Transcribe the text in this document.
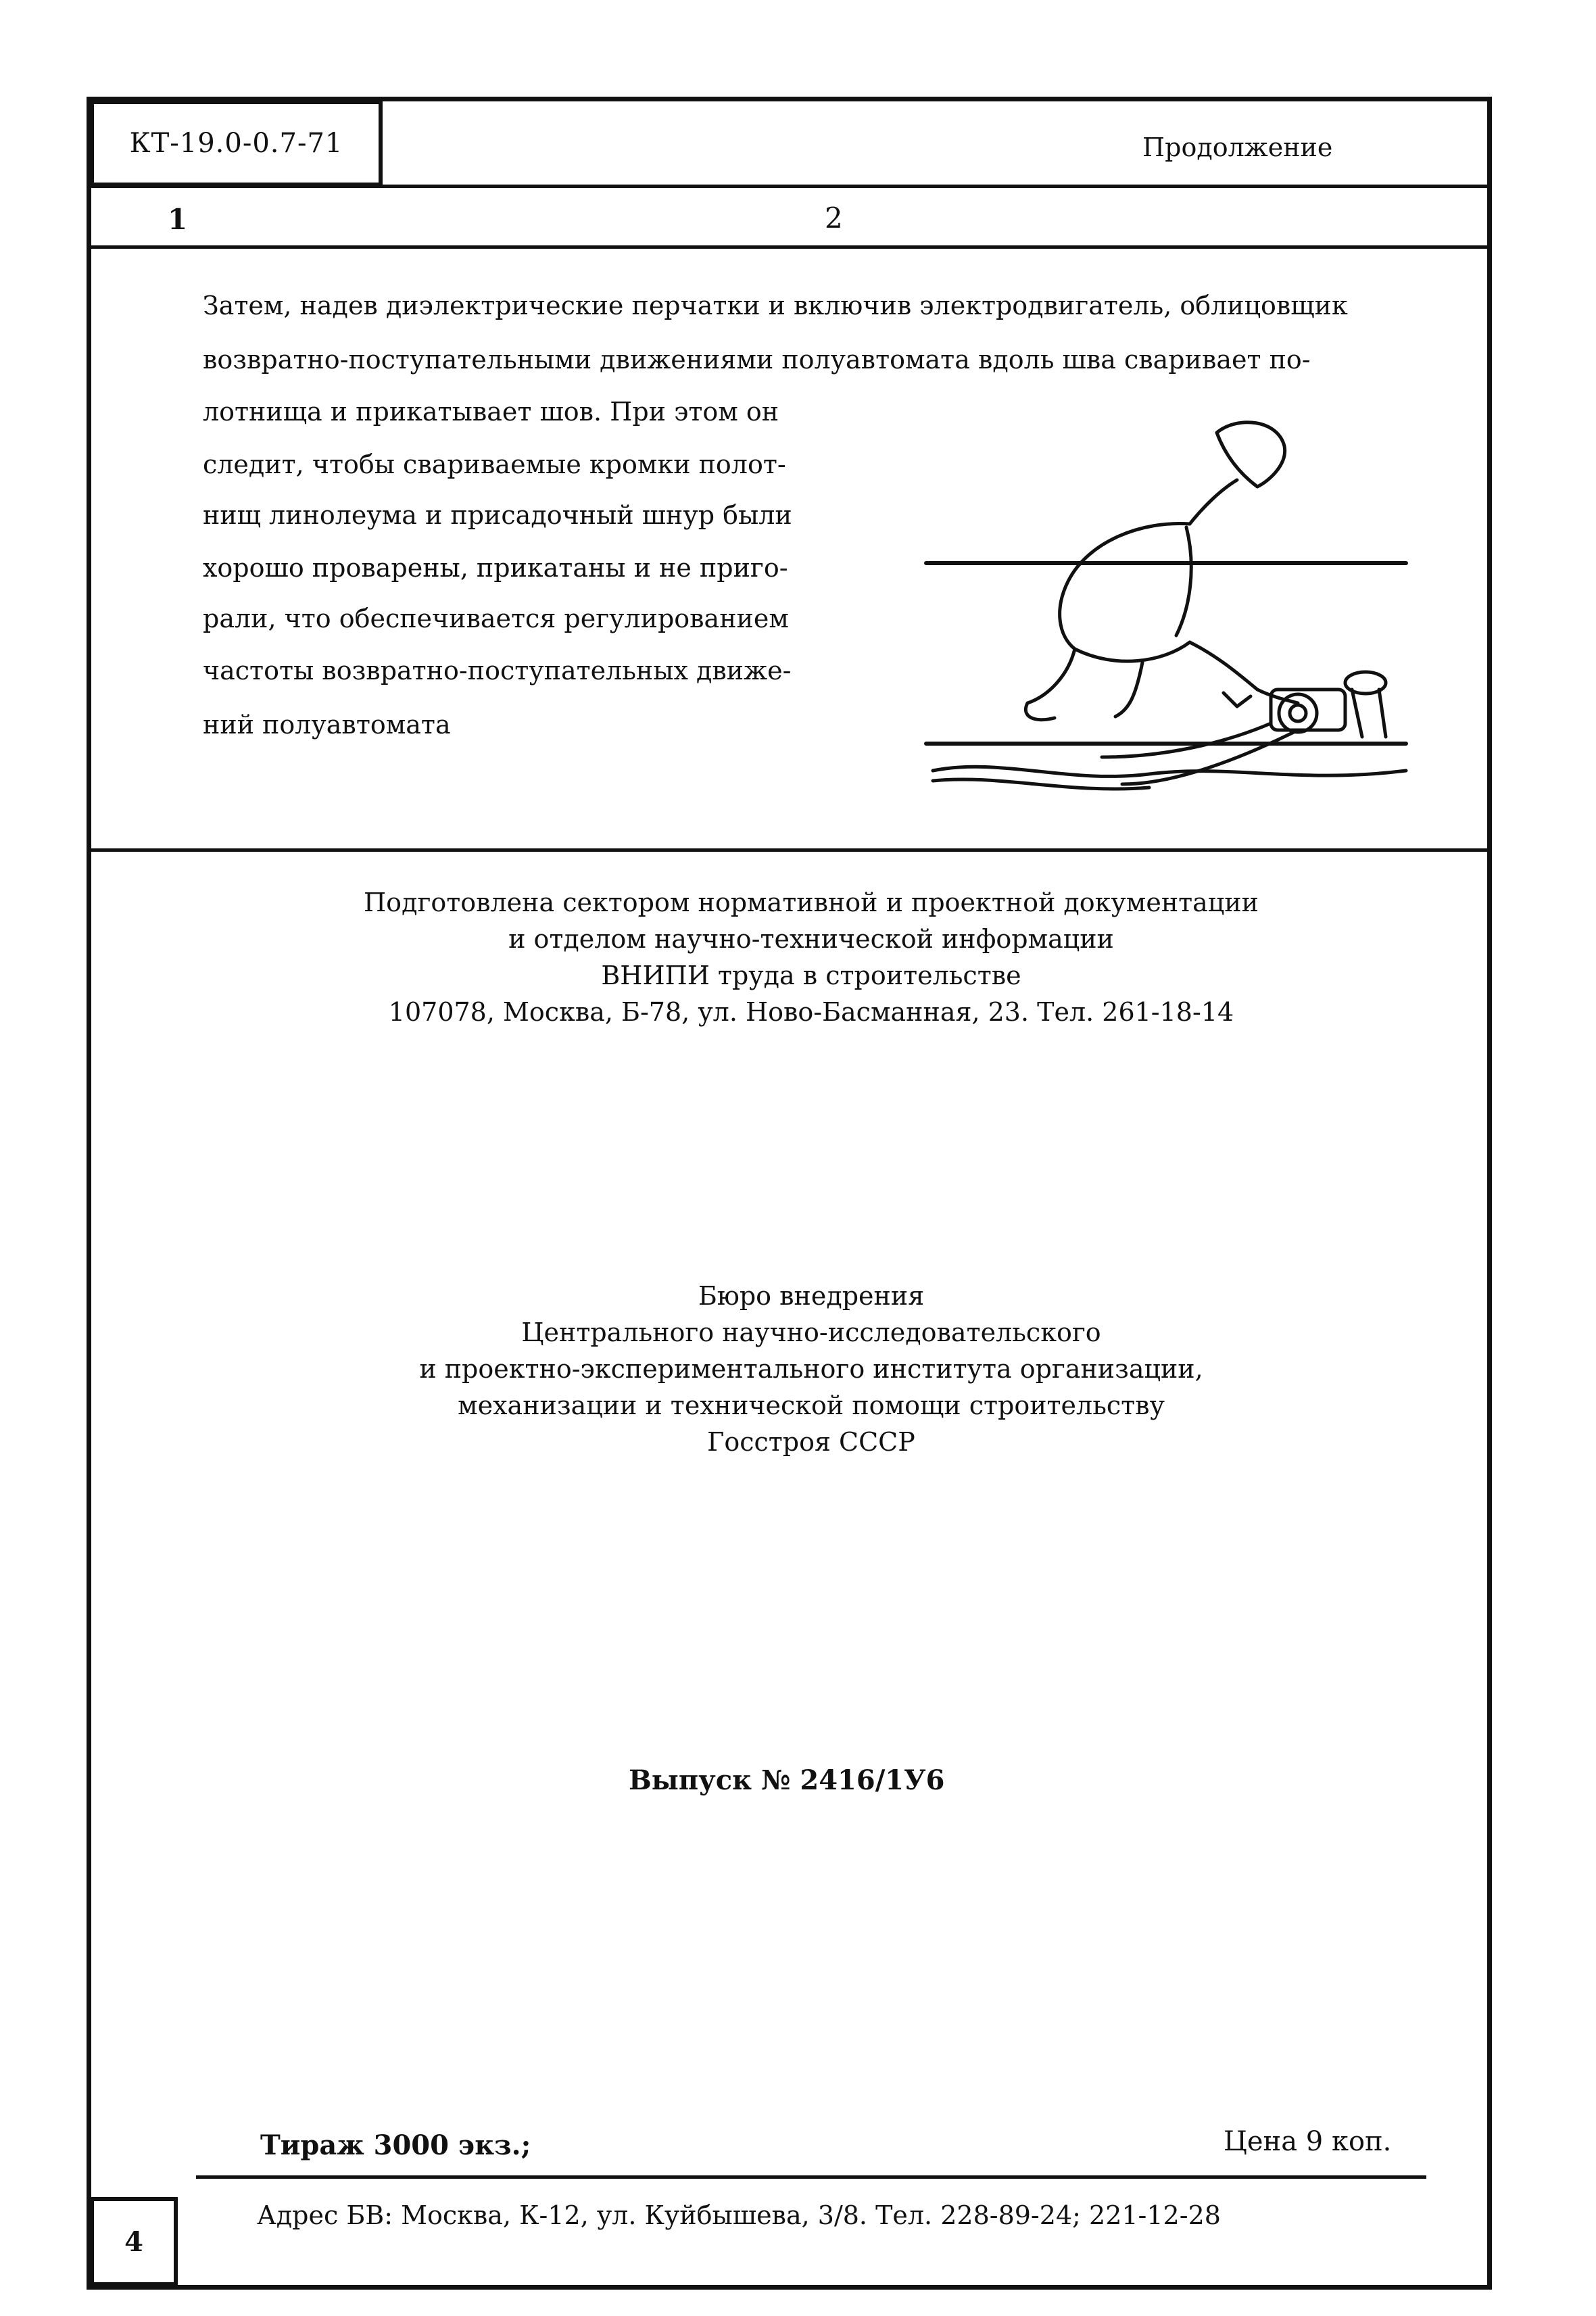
КТ-19.0-0.7-71	Продолжение
1	2
Затем, надев диэлектрические перчатки и включив электродвигатель, облицовщик
возвратно-поступательными движениями полуавтомата вдоль шва сваривает по-
лотнища и прикатывает шов. При этом он
следит, чтобы свариваемые кромки полот-
нищ линолеума и присадочный шнур были
хорошо проварены, прикатаны и не пригo-
рали, что обеспечивается регулированием
частоты возвратно-поступательных движе-
ний полуавтомата
Подготовлена сектором нормативной и проектной документации
и отделом научно-технической информации
ВНИПИ труда в строительстве
107078, Москва, Б-78, ул. Ново-Басманная, 23. Тел. 261-18-14
Бюро внедрения
Центрального научно-исследовательского
и проектно-экспериментального института организации,
механизации и технической помощи строительству
Госстроя СССР
Выпуск № 2416/1У6
Тираж 3000 экз.;	Цена 9 коп.
Адрес БВ: Москва, К-12, ул. Куйбышева, 3/8. Тел. 228-89-24; 221-12-28
4
